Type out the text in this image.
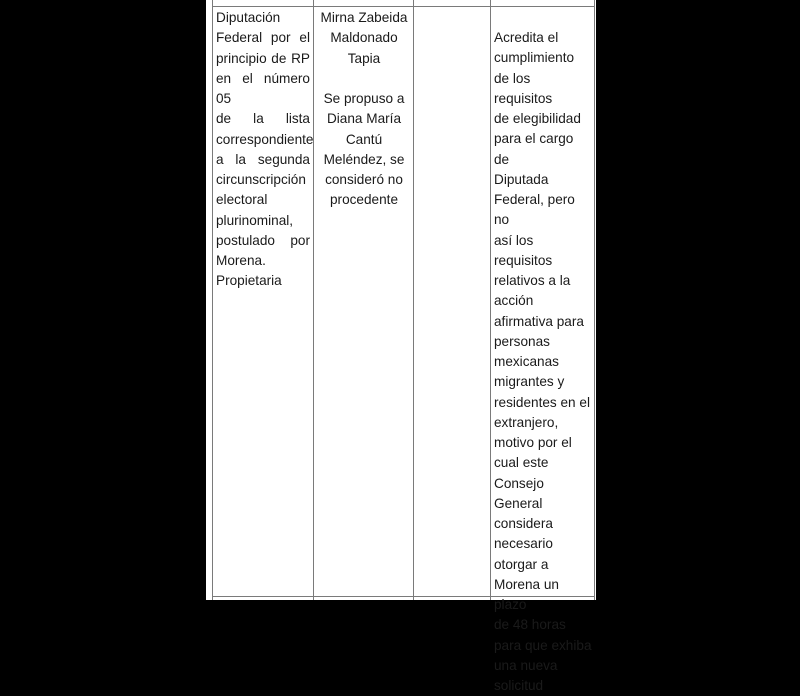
Diputación
Federal por el
principio de RP
en el número 05
de la lista
correspondiente
a la segunda
circunscripción
electoral
plurinominal,
postulado por
Morena.
Propietaria
Mirna Zabeida
Maldonado
Tapia
Se propuso a
Diana María
Cantú
Meléndez, se
consideró no
procedente
Acredita el
cumplimiento
de los requisitos
de elegibilidad
para el cargo de
Diputada
Federal, pero no
así los
requisitos
relativos a la
acción
afirmativa para
personas
mexicanas
migrantes y
residentes en el
extranjero,
motivo por el
cual este
Consejo General
considera
necesario
otorgar a
Morena un plazo
de 48 horas
para que exhiba
una nueva
solicitud
